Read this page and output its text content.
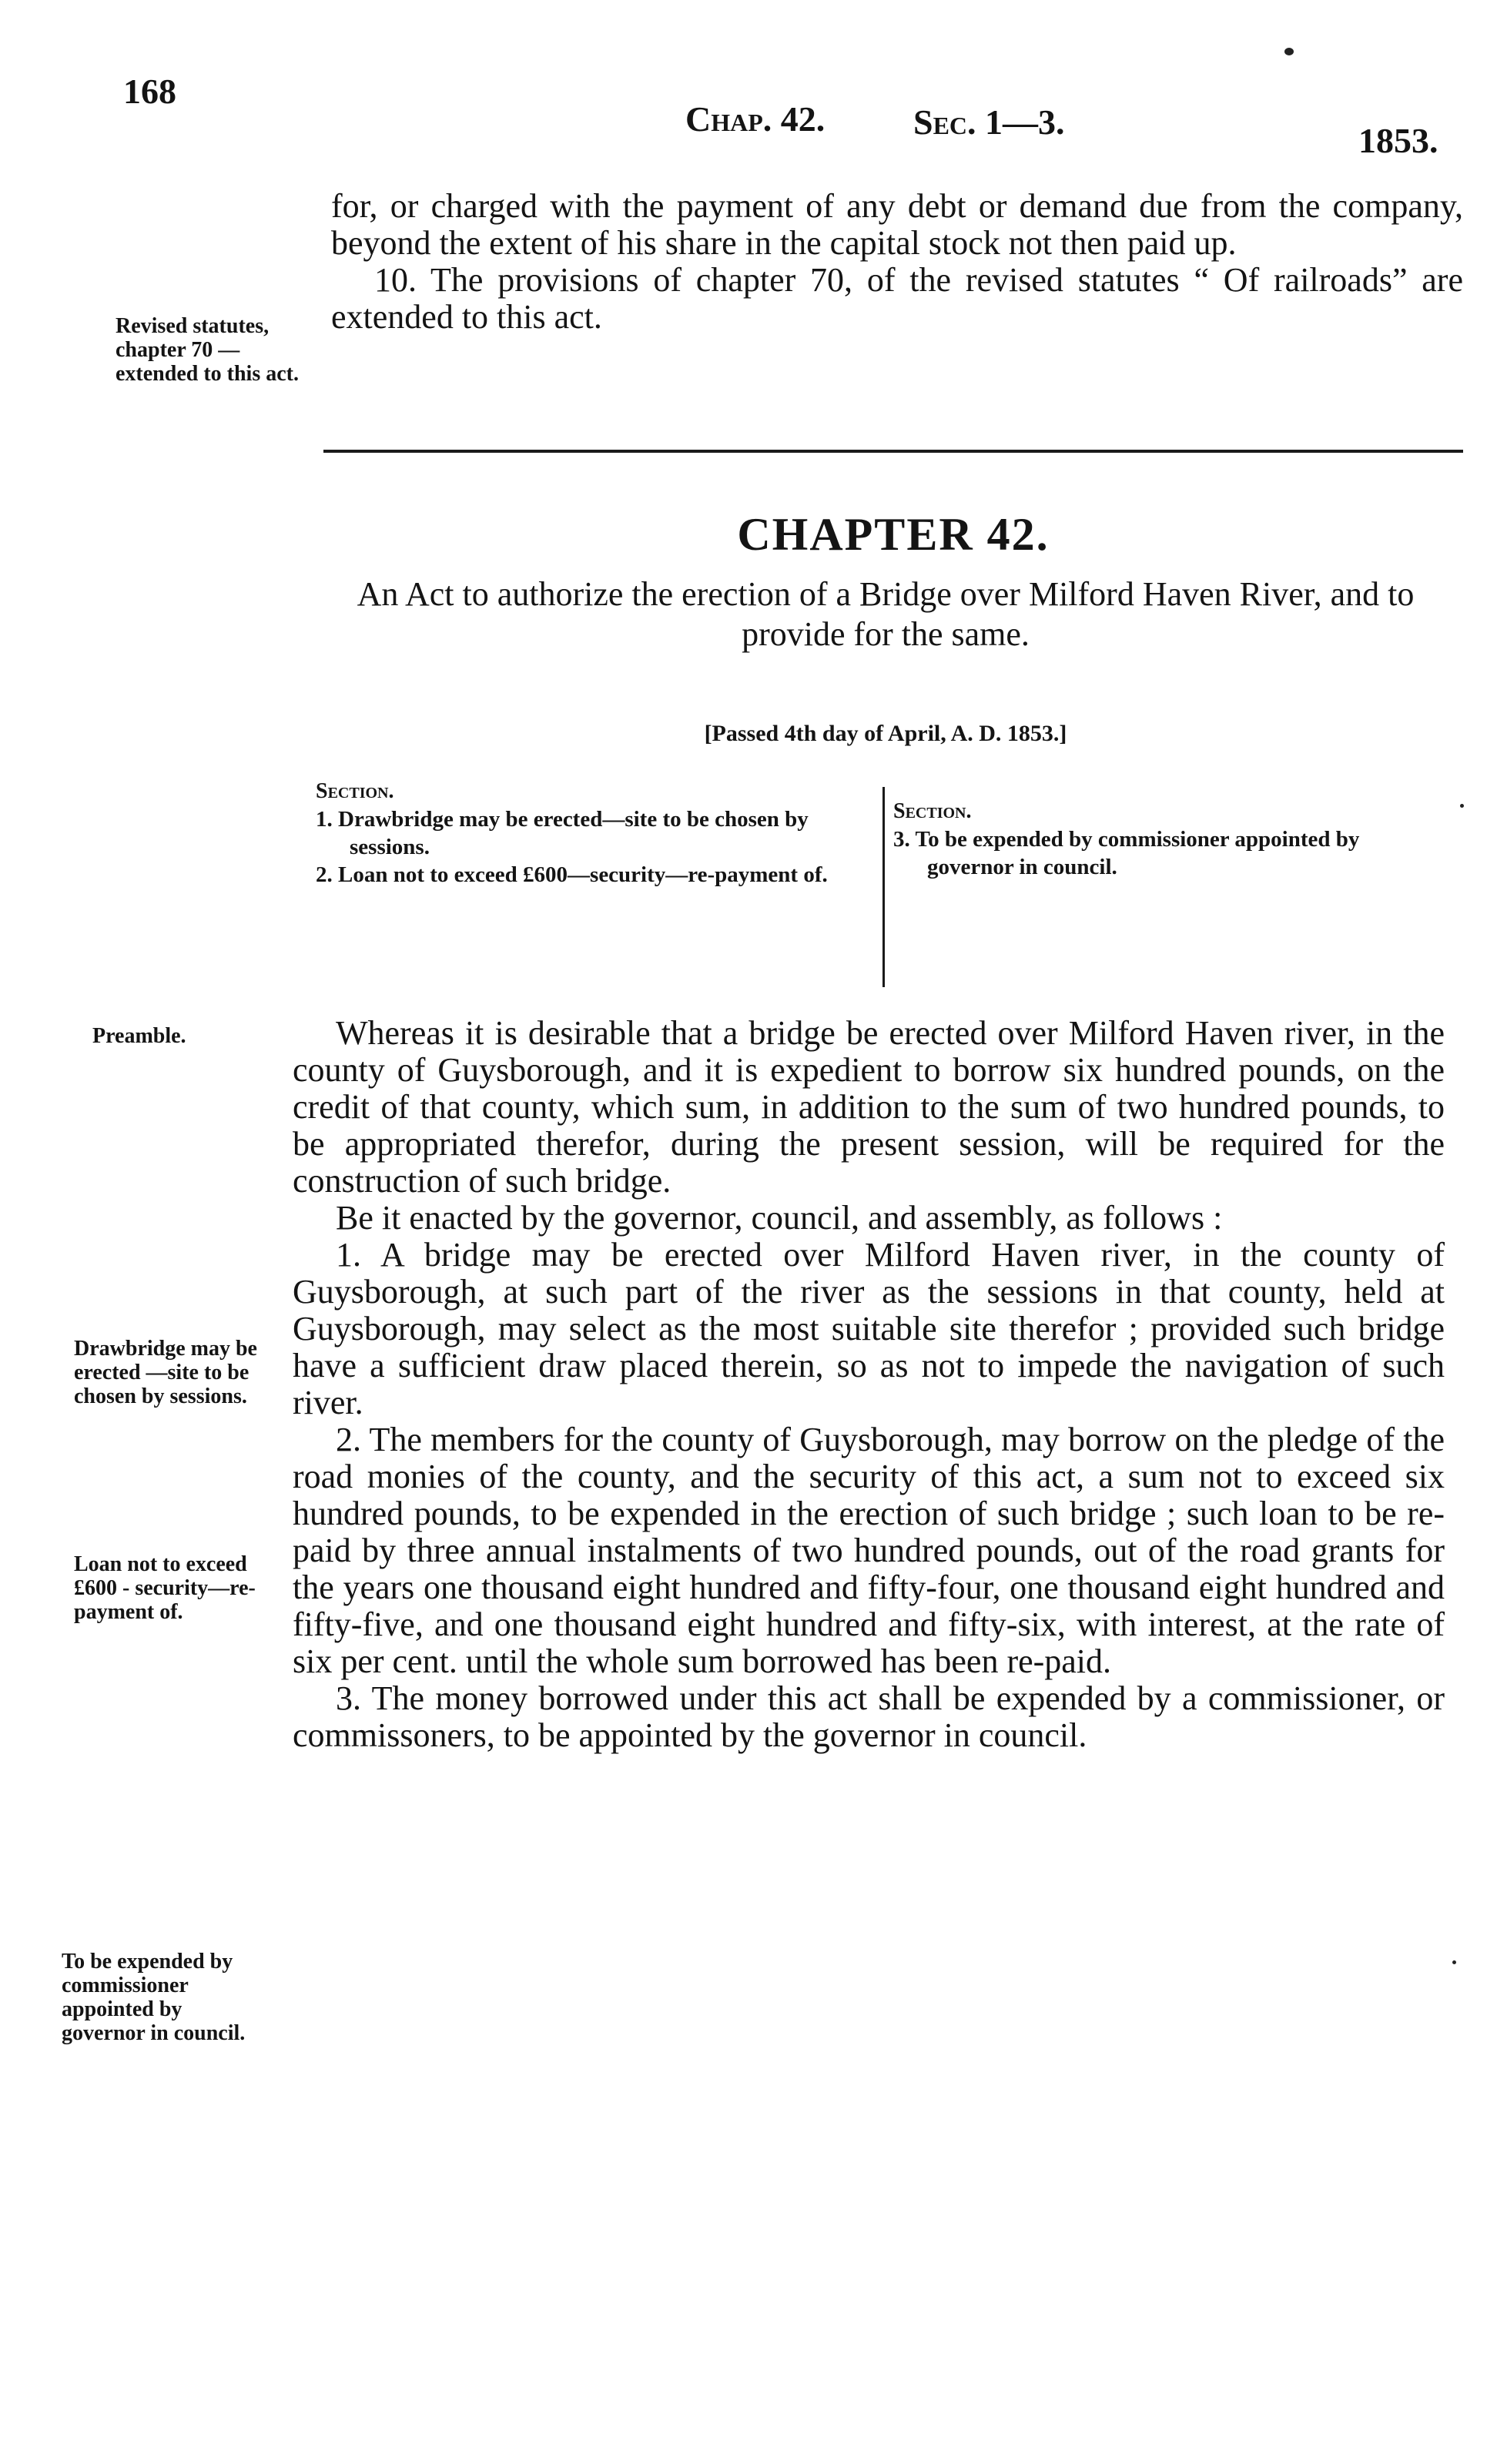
168
Chap. 42. Sec. 1—3.	1853.

for, or charged with the payment of any debt or demand due from the company, beyond the extent of his share in the capital stock not then paid up.

10. The provisions of chapter 70, of the revised statutes “ Of railroads” are extended to this act.

Revised statutes, chapter 70 —extended to this act.
CHAPTER 42.
An Act to authorize the erection of a Bridge over Milford Haven River, and to provide for the same.
[Passed 4th day of April, A. D. 1853.]
Section.
1. Drawbridge may be erected—site to be chosen by sessions.
2. Loan not to exceed £600—security—re-payment of.
Section.
3. To be expended by commissioner appointed by governor in council.

Whereas it is desirable that a bridge be erected over Milford Haven river, in the county of Guysborough, and it is expedient to borrow six hundred pounds, on the credit of that county, which sum, in addition to the sum of two hundred pounds, to be appropriated therefor, during the present session, will be required for the construction of such bridge.

Be it enacted by the governor, council, and assembly, as follows :

1. A bridge may be erected over Milford Haven river, in the county of Guysborough, at such part of the river as the sessions in that county, held at Guysborough, may select as the most suitable site therefor ; provided such bridge have a sufficient draw placed therein, so as not to impede the navigation of such river.

2. The members for the county of Guysborough, may borrow on the pledge of the road monies of the county, and the security of this act, a sum not to exceed six hundred pounds, to be expended in the erection of such bridge ; such loan to be re-paid by three annual instalments of two hundred pounds, out of the road grants for the years one thousand eight hundred and fifty-four, one thousand eight hundred and fifty-five, and one thousand eight hundred and fifty-six, with interest, at the rate of six per cent. until the whole sum borrowed has been re-paid.

3. The money borrowed under this act shall be expended by a commissioner, or commissoners, to be appointed by the governor in council.

Preamble.
Drawbridge may be erected —site to be chosen by sessions.
Loan not to exceed £600 - security—re-payment of.
To be expended by commissioner appointed by governor in council.
